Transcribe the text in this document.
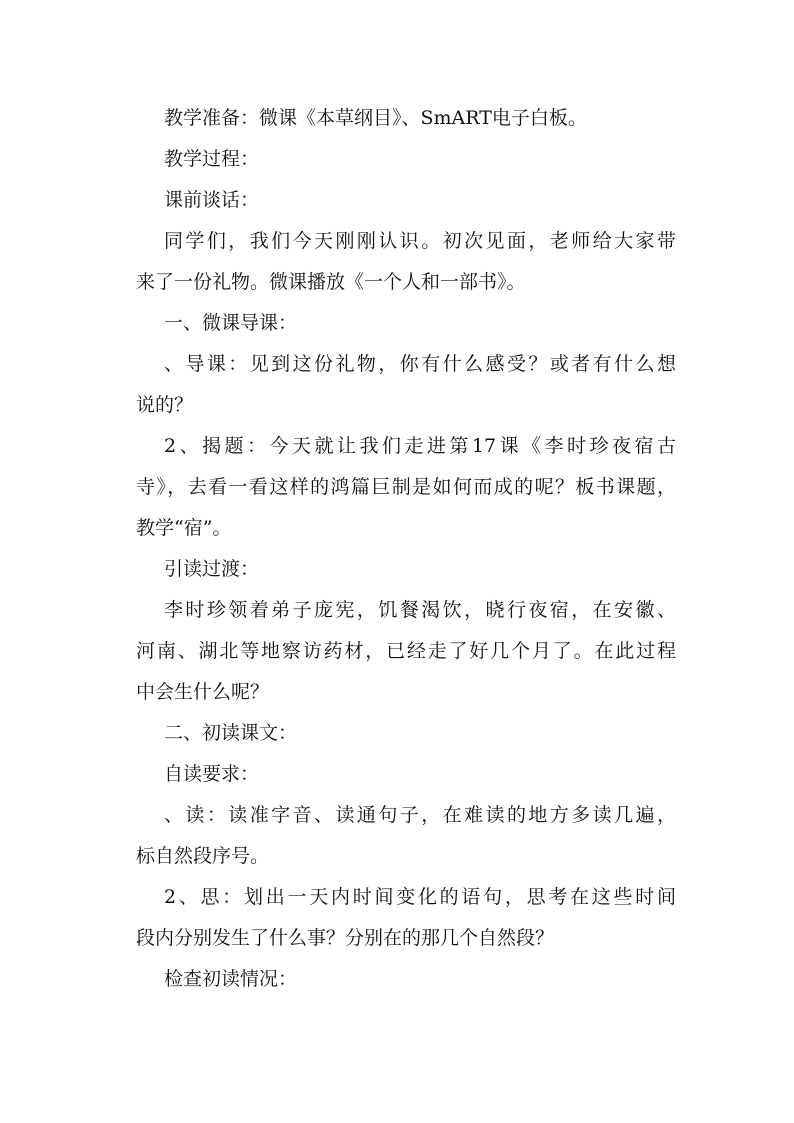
教学准备：微课《本草纲目》、SmART电子白板。
教学过程：
课前谈话：
同学们，我们今天刚刚认识。初次见面，老师给大家带
来了一份礼物。微课播放《一个人和一部书》。
一、微课导课：
、导课：见到这份礼物，你有什么感受？或者有什么想
说的？
2、揭题：今天就让我们走进第17课《李时珍夜宿古
寺》，去看一看这样的鸿篇巨制是如何而成的呢？板书课题，
教学“宿”。
引读过渡：
李时珍领着弟子庞宪，饥餐渴饮，晓行夜宿，在安徽、
河南、湖北等地察访药材，已经走了好几个月了。在此过程
中会生什么呢？
二、初读课文：
自读要求：
、读：读准字音、读通句子，在难读的地方多读几遍，
标自然段序号。
2、思：划出一天内时间变化的语句，思考在这些时间
段内分别发生了什么事？分别在的那几个自然段？
检查初读情况：
